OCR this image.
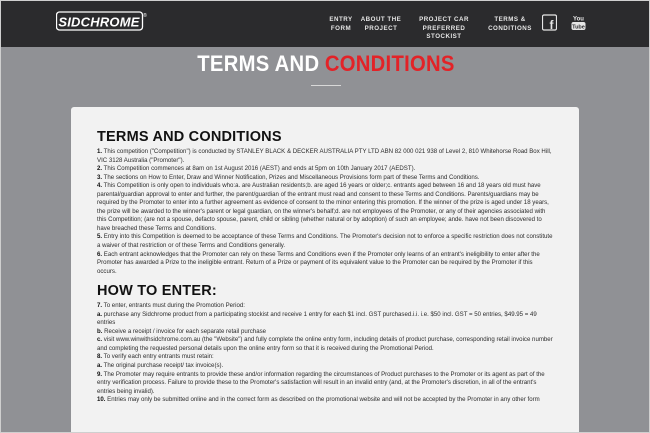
SIDCHROME ®	ENTRY
FORM
ABOUT THE
PROJECT
PROJECT CAR
PREFERRED STOCKIST
TERMS &
CONDITIONS f	You
Tube
TERMS AND CONDITIONS
TERMS AND CONDITIONS

1. This competition ("Competition") is conducted by STANLEY BLACK & DECKER AUSTRALIA PTY LTD ABN 82 000 021 938 of Level 2, 810 Whitehorse Road Box Hill, VIC 3128 Australia ("Promoter").

2. This Competition commences at 8am on 1st August 2016 (AEST) and ends at 5pm on 10th January 2017 (AEDST).

3. The sections on How to Enter, Draw and Winner Notification, Prizes and Miscellaneous Provisions form part of these Terms and Conditions.

4. This Competition is only open to individuals who:a. are Australian residents;b. are aged 16 years or older;c. entrants aged between 16 and 18 years old must have parental/guardian approval to enter and further, the parent/guardian of the entrant must read and consent to these Terms and Conditions. Parents/guardians may be required by the Promoter to enter into a further agreement as evidence of consent to the minor entering this promotion. If the winner of the prize is aged under 18 years, the prize will be awarded to the winner's parent or legal guardian, on the winner's behalf;d. are not employees of the Promoter, or any of their agencies associated with this Competition; (are not a spouse, defacto spouse, parent, child or sibling (whether natural or by adoption) of such an employee; ande. have not been discovered to have breached these Terms and Conditions.

5. Entry into this Competition is deemed to be acceptance of these Terms and Conditions. The Promoter's decision not to enforce a specific restriction does not constitute a waiver of that restriction or of these Terms and Conditions generally.

6. Each entrant acknowledges that the Promoter can rely on these Terms and Conditions even if the Promoter only learns of an entrant's ineligibility to enter after the Promoter has awarded a Prize to the ineligible entrant. Return of a Prize or payment of its equivalent value to the Promoter can be required by the Promoter if this occurs.

HOW TO ENTER:

7. To enter, entrants must during the Promotion Period:

a. purchase any Sidchrome product from a participating stockist and receive 1 entry for each $1 incl. GST purchased.i.i. i.e. $50 incl. GST = 50 entries, $49.95 = 49 entries

b. Receive a receipt / invoice for each separate retail purchase

c. visit www.winwithsidchrome.com.au (the "Website") and fully complete the online entry form, including details of product purchase, corresponding retail invoice number and completing the requested personal details upon the online entry form so that it is received during the Promotional Period.

8. To verify each entry entrants must retain:

a. The original purchase receipt/ tax invoice(s).

9. The Promoter may require entrants to provide these and/or information regarding the circumstances of Product purchases to the Promoter or its agent as part of the entry verification process. Failure to provide these to the Promoter's satisfaction will result in an invalid entry (and, at the Promoter's discretion, in all of the entrant's entries being invalid).

10. Entries may only be submitted online and in the correct form as described on the promotional website and will not be accepted by the Promoter in any other form
